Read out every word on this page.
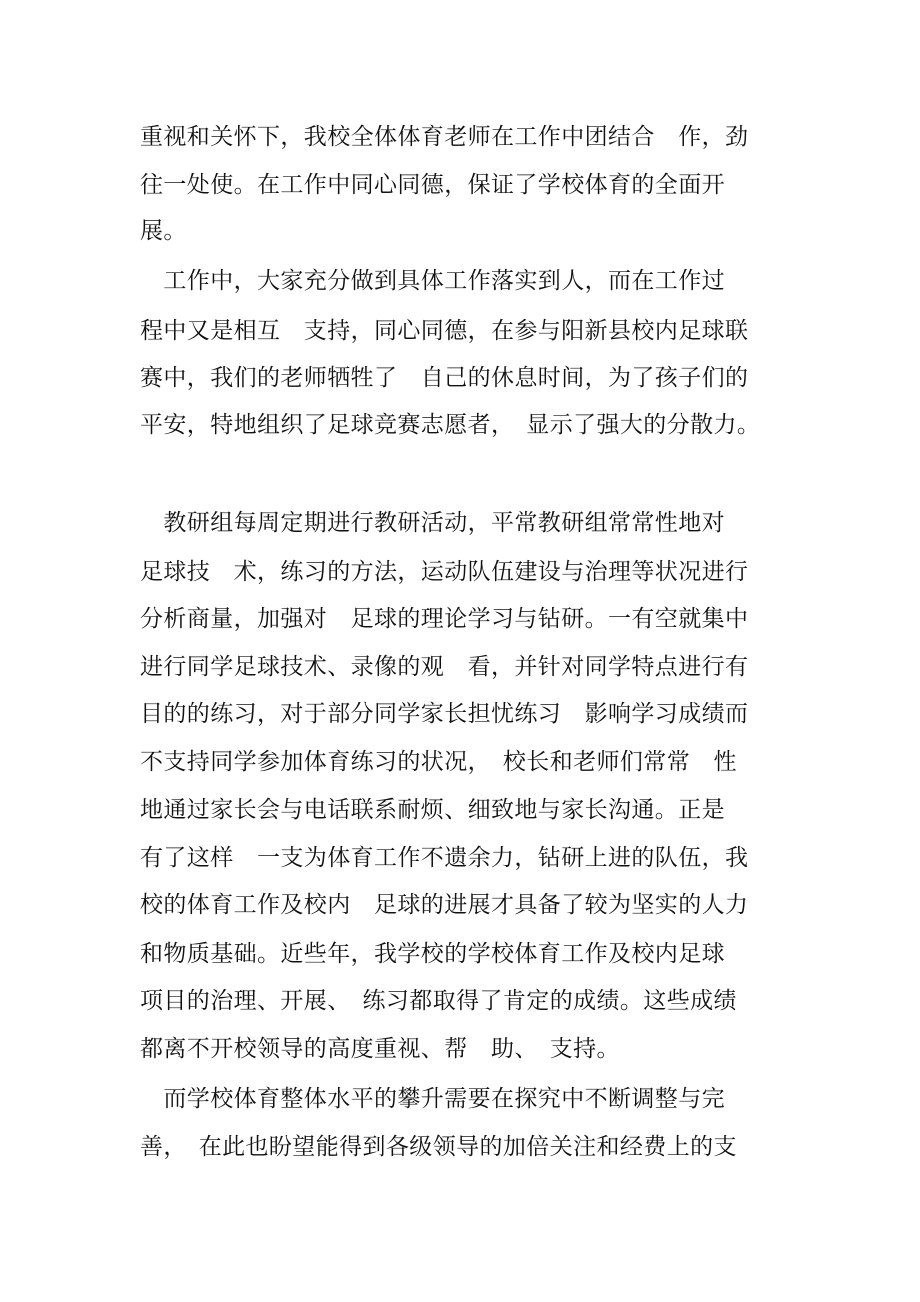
重视和关怀下，我校全体体育老师在工作中团结合　作，劲
往一处使。在工作中同心同德，保证了学校体育的全面开
展。
　工作中，大家充分做到具体工作落实到人，而在工作过
程中又是相互　支持，同心同德，在参与阳新县校内足球联
赛中，我们的老师牺牲了　自己的休息时间，为了孩子们的
平安，特地组织了足球竞赛志愿者，　显示了强大的分散力。
　教研组每周定期进行教研活动，平常教研组常常性地对
足球技　术，练习的方法，运动队伍建设与治理等状况进行
分析商量，加强对　足球的理论学习与钻研。一有空就集中
进行同学足球技术、录像的观　看，并针对同学特点进行有
目的的练习，对于部分同学家长担忧练习　影响学习成绩而
不支持同学参加体育练习的状况，　校长和老师们常常　性
地通过家长会与电话联系耐烦、细致地与家长沟通。正是
有了这样　一支为体育工作不遗余力，钻研上进的队伍，我
校的体育工作及校内　足球的进展才具备了较为坚实的人力
和物质基础。近些年，我学校的学校体育工作及校内足球
项目的治理、开展、　练习都取得了肯定的成绩。这些成绩
都离不开校领导的高度重视、帮　助、　支持。
　而学校体育整体水平的攀升需要在探究中不断调整与完
善，　在此也盼望能得到各级领导的加倍关注和经费上的支
